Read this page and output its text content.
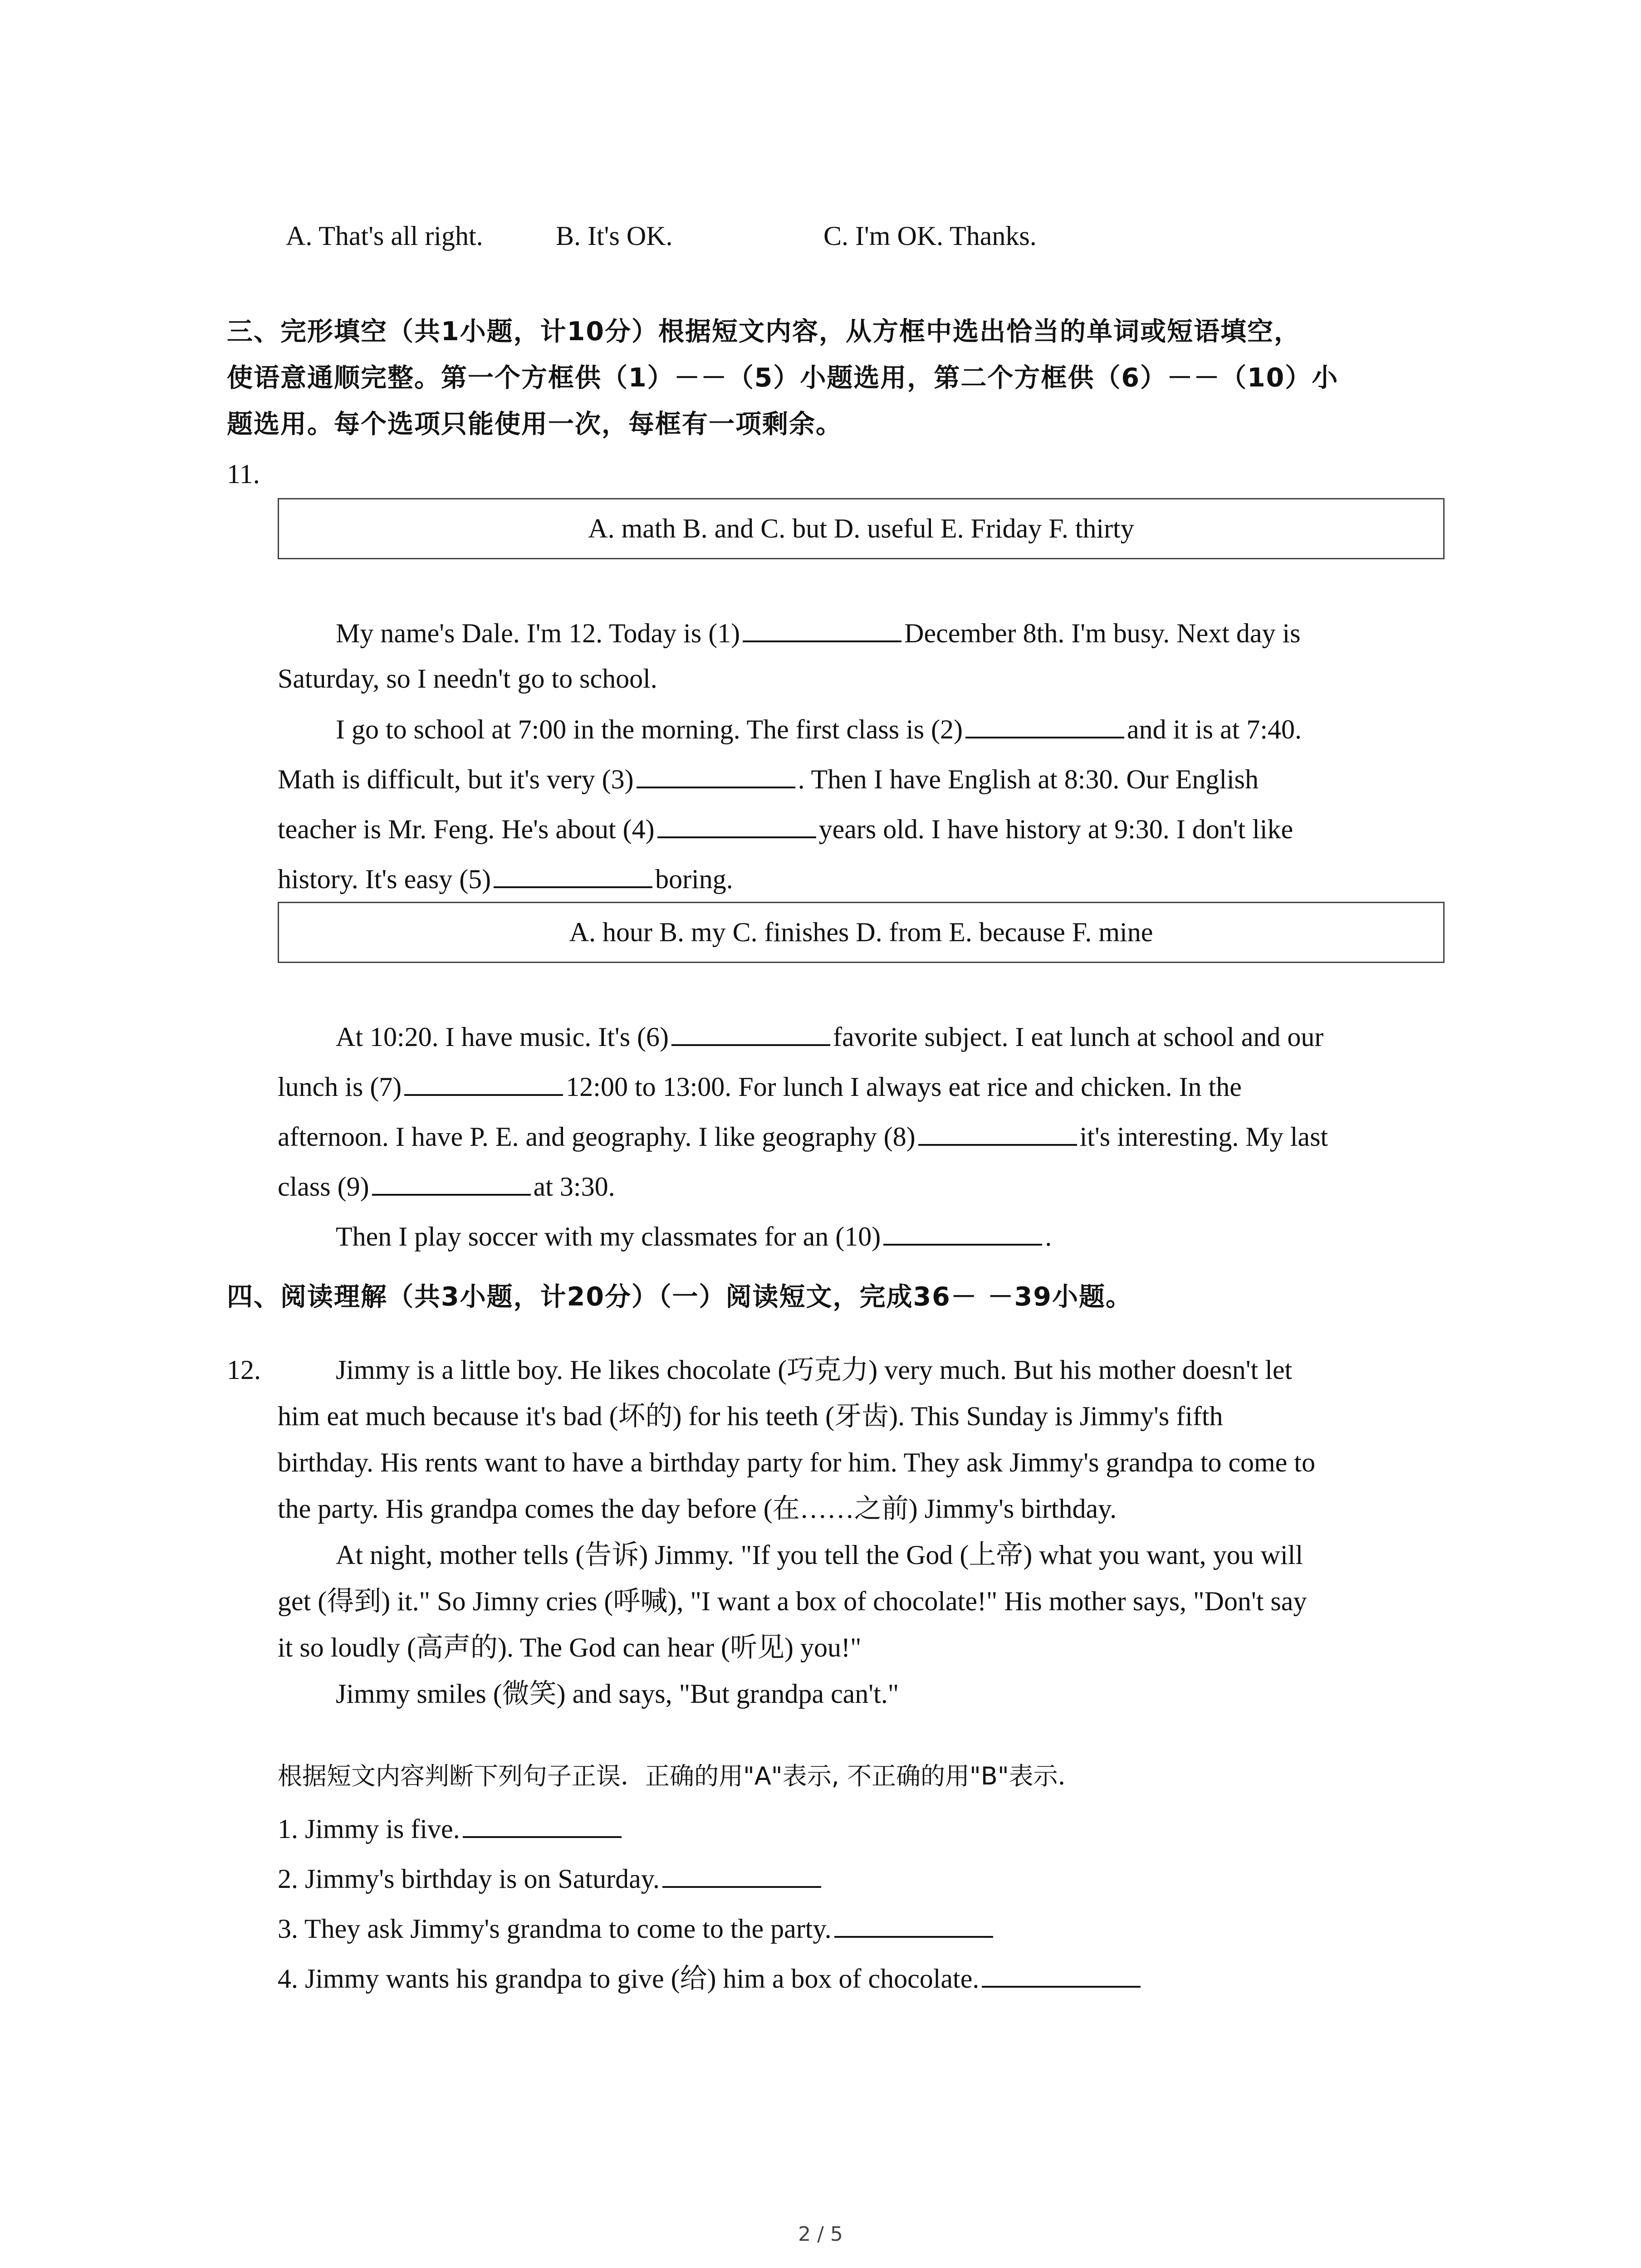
A. That's all right.	B. It's OK.	C. I'm OK. Thanks.
三、完形填空（共1小题，计10分）根据短文内容，从方框中选出恰当的单词或短语填空，
使语意通顺完整。第一个方框供（1）－－（5）小题选用，第二个方框供（6）－－（10）小
题选用。每个选项只能使用一次，每框有一项剩余。
11.
A. math B. and C. but D. useful E. Friday F. thirty
My name's Dale. I'm 12. Today is (1)	December 8th. I'm busy. Next day is
Saturday, so I needn't go to school.
I go to school at 7:00 in the morning. The first class is (2)	and it is at 7:40.
Math is difficult, but it's very (3)	. Then I have English at 8:30. Our English
teacher is Mr. Feng. He's about (4)	years old. I have history at 9:30. I don't like
history. It's easy (5)	boring.
A. hour B. my C. finishes D. from E. because F. mine
At 10:20. I have music. It's (6)	favorite subject. I eat lunch at school and our
lunch is (7)	12:00 to 13:00. For lunch I always eat rice and chicken. In the
afternoon. I have P. E. and geography. I like geography (8)	it's interesting. My last
class (9)	at 3:30.
Then I play soccer with my classmates for an (10)	.
四、阅读理解（共3小题，计20分）（一）阅读短文，完成36－ －39小题。
12.	Jimmy is a little boy. He likes chocolate (巧克力) very much. But his mother doesn't let
him eat much because it's bad (坏的) for his teeth (牙齿). This Sunday is Jimmy's fifth
birthday. His rents want to have a birthday party for him. They ask Jimmy's grandpa to come to
the party. His grandpa comes the day before (在……之前) Jimmy's birthday.
At night, mother tells (告诉) Jimmy. "If you tell the God (上帝) what you want, you will
get (得到) it." So Jimny cries (呼喊), "I want a box of chocolate!" His mother says, "Don't say
it so loudly (高声的). The God can hear (听见) you!"
Jimmy smiles (微笑) and says, "But grandpa can't."
根据短文内容判断下列句子正误．正确的用"A"表示, 不正确的用"B"表示．
1. Jimmy is five.
2. Jimmy's birthday is on Saturday.
3. They ask Jimmy's grandma to come to the party.
4. Jimmy wants his grandpa to give (给) him a box of chocolate.
2 / 5
